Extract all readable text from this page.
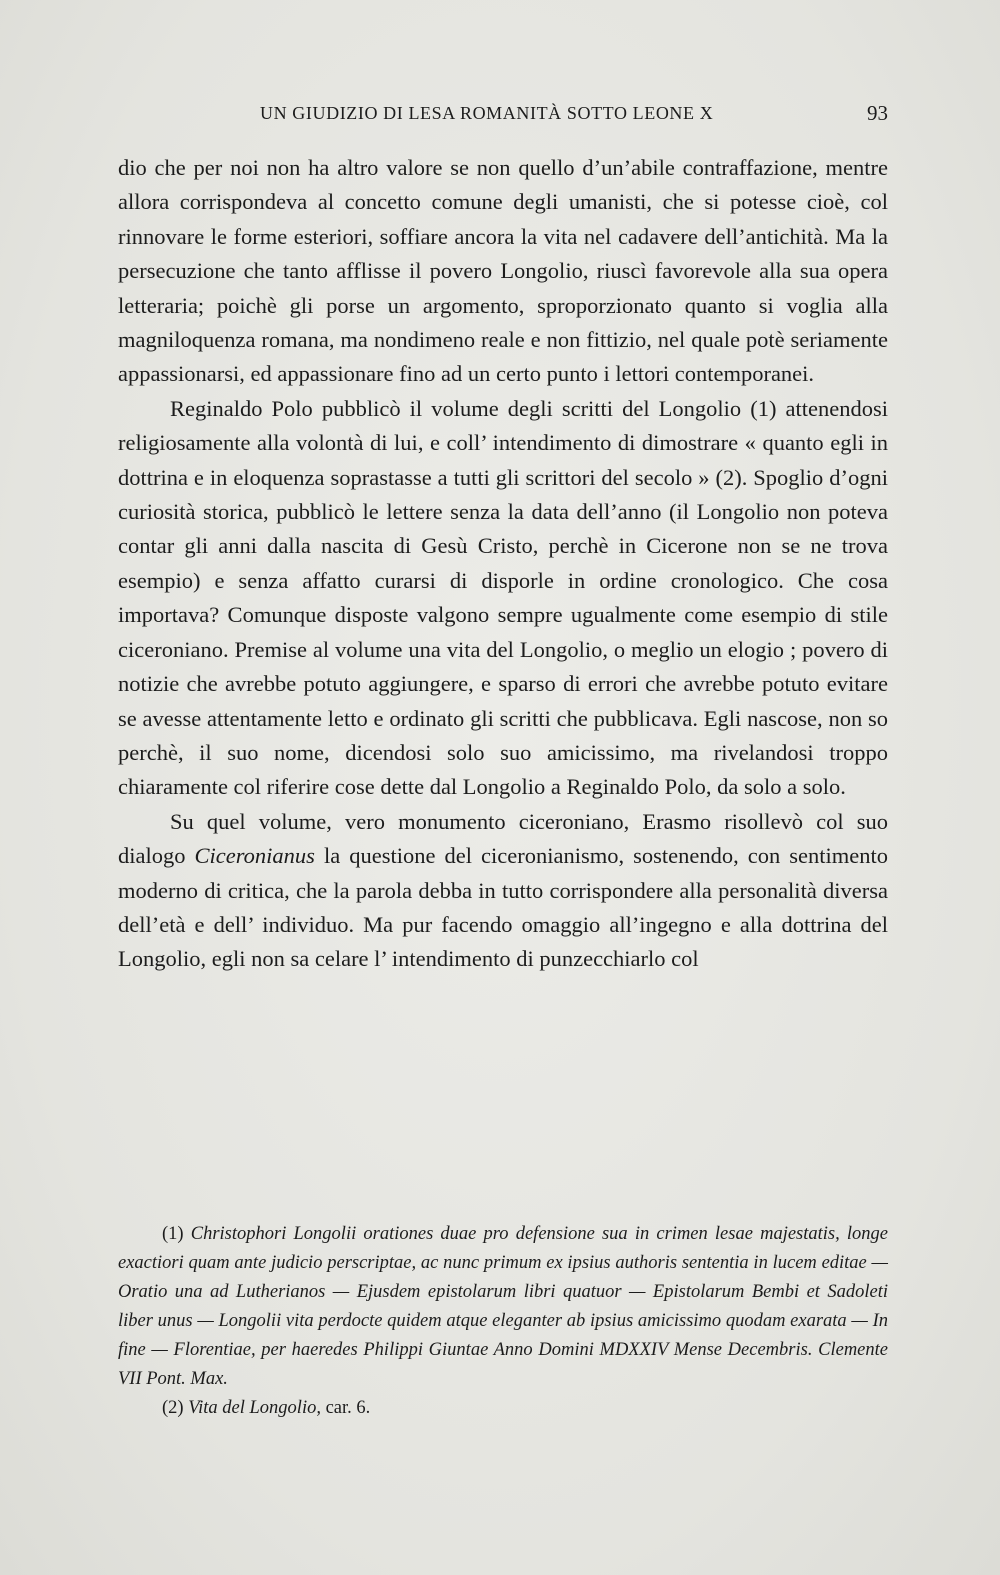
UN GIUDIZIO DI LESA ROMANITÀ SOTTO LEONE X	93

dio che per noi non ha altro valore se non quello d’un’abile contraffazione, mentre allora corrispondeva al concetto comune degli umanisti, che si potesse cioè, col rinnovare le forme esteriori, soffiare ancora la vita nel cadavere dell’antichità. Ma la persecuzione che tanto afflisse il povero Longolio, riuscì favorevole alla sua opera letteraria; poichè gli porse un argomento, sproporzionato quanto si voglia alla magniloquenza romana, ma nondimeno reale e non fittizio, nel quale potè seriamente appassionarsi, ed appassionare fino ad un certo punto i lettori contemporanei.

Reginaldo Polo pubblicò il volume degli scritti del Longolio (1) attenendosi religiosamente alla volontà di lui, e coll’ intendimento di dimostrare « quanto egli in dottrina e in eloquenza soprastasse a tutti gli scrittori del secolo » (2). Spoglio d’ogni curiosità storica, pubblicò le lettere senza la data dell’anno (il Longolio non poteva contar gli anni dalla nascita di Gesù Cristo, perchè in Cicerone non se ne trova esempio) e senza affatto curarsi di disporle in ordine cronologico. Che cosa importava? Comunque disposte valgono sempre ugualmente come esempio di stile ciceroniano. Premise al volume una vita del Longolio, o meglio un elogio ; povero di notizie che avrebbe potuto aggiungere, e sparso di errori che avrebbe potuto evitare se avesse attentamente letto e ordinato gli scritti che pubblicava. Egli nascose, non so perchè, il suo nome, dicendosi solo suo amicissimo, ma rivelandosi troppo chiaramente col riferire cose dette dal Longolio a Reginaldo Polo, da solo a solo.

Su quel volume, vero monumento ciceroniano, Erasmo risollevò col suo dialogo Ciceronianus la questione del ciceronianismo, sostenendo, con sentimento moderno di critica, che la parola debba in tutto corrispondere alla personalità diversa dell’età e dell’ individuo. Ma pur facendo omaggio all’ingegno e alla dottrina del Longolio, egli non sa celare l’ intendimento di punzecchiarlo col

(1) Christophori Longolii orationes duae pro defensione sua in crimen lesae majestatis, longe exactiori quam ante judicio perscriptae, ac nunc primum ex ipsius authoris sententia in lucem editae — Oratio una ad Lutherianos — Ejusdem epistolarum libri quatuor — Epistolarum Bembi et Sadoleti liber unus — Longolii vita perdocte quidem atque eleganter ab ipsius amicissimo quodam exarata — In fine — Florentiae, per haeredes Philippi Giuntae Anno Domini MDXXIV Mense Decembris. Clemente VII Pont. Max.

(2) Vita del Longolio, car. 6.
